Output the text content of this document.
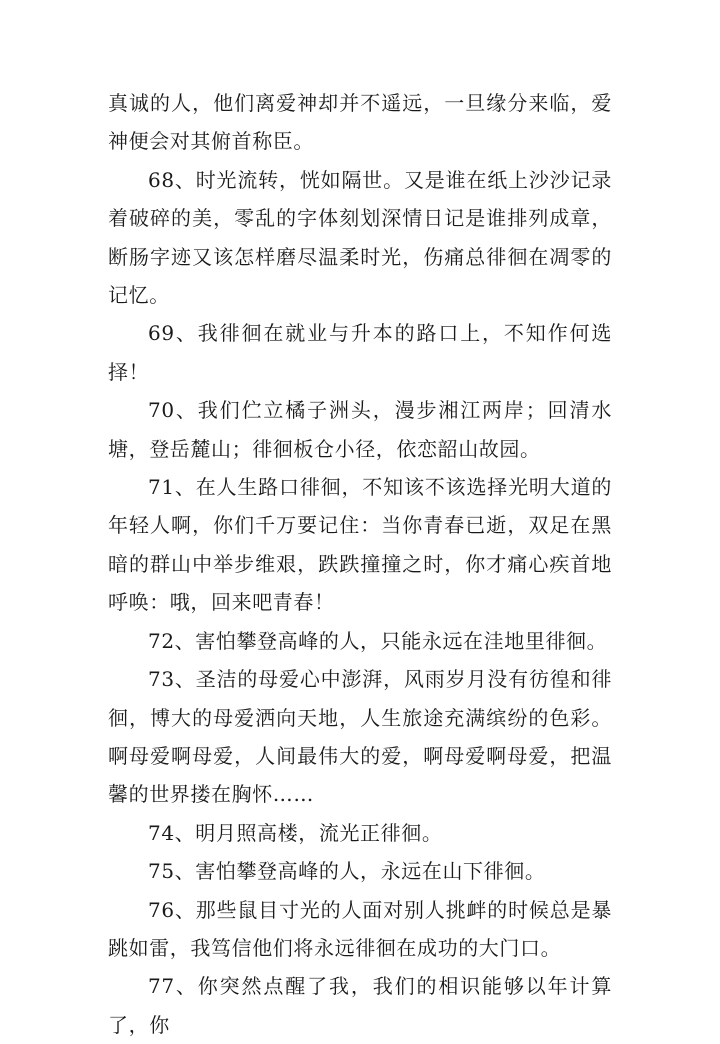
真诚的人，他们离爱神却并不遥远，一旦缘分来临，爱神便会对其俯首称臣。

68、时光流转，恍如隔世。又是谁在纸上沙沙记录着破碎的美，零乱的字体刻划深情日记是谁排列成章，断肠字迹又该怎样磨尽温柔时光，伤痛总徘徊在凋零的记忆。

69、我徘徊在就业与升本的路口上，不知作何选择！

70、我们伫立橘子洲头，漫步湘江两岸；回清水塘，登岳麓山；徘徊板仓小径，依恋韶山故园。

71、在人生路口徘徊，不知该不该选择光明大道的年轻人啊，你们千万要记住：当你青春已逝，双足在黑暗的群山中举步维艰，跌跌撞撞之时，你才痛心疾首地呼唤：哦，回来吧青春！

72、害怕攀登高峰的人，只能永远在洼地里徘徊。

73、圣洁的母爱心中澎湃，风雨岁月没有彷徨和徘徊，博大的母爱洒向天地，人生旅途充满缤纷的色彩。啊母爱啊母爱，人间最伟大的爱，啊母爱啊母爱，把温馨的世界搂在胸怀……

74、明月照高楼，流光正徘徊。

75、害怕攀登高峰的人，永远在山下徘徊。

76、那些鼠目寸光的人面对别人挑衅的时候总是暴跳如雷，我笃信他们将永远徘徊在成功的大门口。

77、你突然点醒了我，我们的相识能够以年计算了，你
